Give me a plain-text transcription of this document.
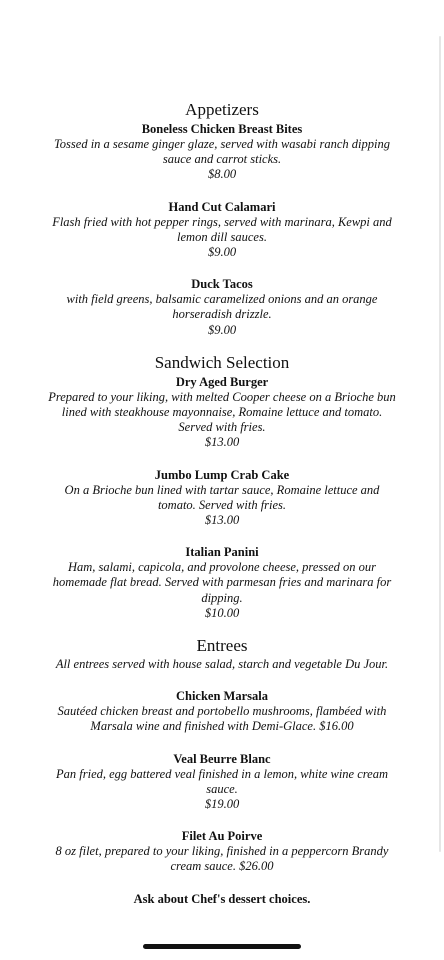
Appetizers

Boneless Chicken Breast Bites

Tossed in a sesame ginger glaze, served with wasabi ranch dipping sauce and carrot sticks.

$8.00

Hand Cut Calamari

Flash fried with hot pepper rings, served with marinara, Kewpi and lemon dill sauces.

$9.00

Duck Tacos

with field greens, balsamic caramelized onions and an orange horseradish drizzle.

$9.00

Sandwich Selection

Dry Aged Burger

Prepared to your liking, with melted Cooper cheese on a Brioche bun lined with steakhouse mayonnaise, Romaine lettuce and tomato. Served with fries.

$13.00

Jumbo Lump Crab Cake

On a Brioche bun lined with tartar sauce, Romaine lettuce and tomato. Served with fries.

$13.00

Italian Panini

Ham, salami, capicola, and provolone cheese, pressed on our homemade flat bread. Served with parmesan fries and marinara for dipping.

$10.00

Entrees

All entrees served with house salad, starch and vegetable Du Jour.

Chicken Marsala

Sautéed chicken breast and portobello mushrooms, flambéed with Marsala wine and finished with Demi-Glace. $16.00

Veal Beurre Blanc

Pan fried, egg battered veal finished in a lemon, white wine cream sauce.

$19.00

Filet Au Poirve

8 oz filet, prepared to your liking, finished in a peppercorn Brandy cream sauce. $26.00

Ask about Chef's dessert choices.
